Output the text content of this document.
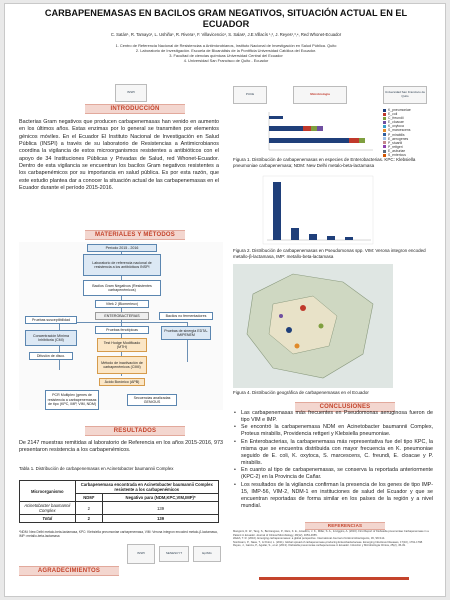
CARBAPENEMASAS EN BACILOS GRAM NEGATIVOS, SITUACIÓN ACTUAL EN EL ECUADOR
C. Satán¹, R. Tamayo¹, L. Ushiña¹, R. Rivera¹, F. Villavicencio¹, S. Salas¹, J.E.Villacís ¹,², J. Reyes¹,³,⁴, Red Whonet-Ecuador
1. Centro de Referencia Nacional de Resistencias a Antimicrobianos, Instituto Nacional de Investigación en Salud Pública. Quito
2. Laboratorio de Investigación. Escuela de Bioanálisis de la Pontificia Universidad Católica del Ecuador.
3. Facultad de ciencias químicas Universidad Central del Ecuador
4. Universidad San Francisco de Quito - Ecuador
INSPI
INTRODUCCIÓN
Bacterias Gram negativos que producen carbapenemasas han venido en aumento en los últimos años. Estas enzimas por lo general se transmiten por elementos génicos móviles. En el Ecuador El Instituto Nacional de Investigación en Salud Pública (INSPI) a través de su laboratorio de Resistencias a Antimicrobianos coordina la vigilancia de estos microorganismos resistentes a antibióticos con el apoyo de 34 Instituciones Públicas y Privadas de Salud, red Whonet-Ecuador. Dentro de esta vigilancia se encuentran los bacilos Gram negativos resistentes a los carbapenémicos por su importancia en salud pública. Es por esta razón, que este estudio plantea dar a conocer la situación actual de las carbapenemasas en el Ecuador durante el período 2015-2016.
MATERIALES Y MÉTODOS
Período 2015 - 2016
Laboratorio de referencia nacional de resistencia a los antibióticos INSPI
Bacilos Gram Negativos (Resistentes carbapenémicos)
Vitek 2 (Biomerieux)
ENTEROBACTERIAS	Bacilos no fermentadores
Pruebas susceptibilidad
Pruebas fenotípicas
Concentración Mínima Inhibitoria (CMI)
Test Hodge Modificado (MTH)
Pruebas de sinergia EDTA-IMIPENEM
Difusión de disco.
Método de inactivación de carbapenémicos (CIMI)
Ácido Borónico (APB)
PCR Multiplex (genes de resistencia a carbapenemasas de tipo (KPC, IMP, VIM, NDM)
Secuencias analizadas GENIOUS
RESULTADOS
De 2147 muestras remitidas al laboratorio de Referencia en los años 2015-2016, 973 presentaron resistencia a los carbapenémicos.
Tabla 1. Distribución de carbapenemasas en Acinetobacter baumannii Complex
Microorganismo	Carbapenemasa encontrada en Acinetobacter baumannii Complex resistente a los carbapenémicos	
	NDM*	Negativo para (NDM,KPC,VIM,IMP)*
Acinetobacter baumannii Complex	2	139
Total	2	139
*NDM: New Delhi metalo-beta-lactamasa, KPC: Klebsiella pneumoniae carbapenemasa, VIM: Verona integron encoded metalo-β-lactamasa, IMP: metallo-beta-lactamasa
AGRADECIMIENTOS
INSPI	SENESCYT	EpiSIG
PUCE	Microbiología	Universidad San Francisco de Quito
K_pneumoniae
E_coli
C_freundii
E_cloacae
K_oxytoca
S_marcescens
P_mirabilis
E_aerogenes
P_stuartii
P_rettgeri
E_asburiae
S_entericus
Figura 1. Distribución de carbapenemasas en especies de Enterobacterias. KPC: Klebsiella pneumoniae carbapenemasa; NDM: New Delhi metalo-beta-lactamasa
Figura 2. Distribución de carbapenemasas en Pseudomonas spp. VIM: Verona integron encoded metallo-β-lactamasa, IMP: metallo-beta-lactamasa
Figura 4. Distribución geográfica de carbapenemasas en el Ecuador
CONCLUSIONES
• Las carbapenemasas más frecuentes en Pseudomonas aeruginosa fueron de tipo VIM e IMP.
• Se encontró la carbapenemasa NDM en Acinetobacter baumannii Complex, Proteus mirabilis, Providencia rettgeri y Klebsiella pneumoniae.
• En Enterobacterias, la carbapenemasa más representativa fue del tipo KPC, la misma que se encuentra distribuida con mayor frecuencia en K. pneumoniae seguido de E. coli, K. oxytoca, S. marcescens, C. freundi, E. cloacae y P. mirabilis.
• En cuanto al tipo de carbapenemasas, se conserva la reportada anteriormente (KPC-2) en la Provincia de Cañar.
• Los resultados de la vigilancia confirman la presencia de los genes de tipo IMP-15, IMP-56, VIM-2, NDM-1 en instituciones de salud del Ecuador y que se encuentran reportadas de forma similar en los países de la región y a nivel mundial.
REFERENCIAS
Mangioni, R. W., Tang, S., Bertrangous, P., Ram, K. E., Anselbro, J. K., Miller, S. A., & Higgins, A. (2016). First Report of Klebsiella pneumoniae Carbapenemase in a Patient in Ecuador. Journal of Clinical Microbiology, 48(12), 4653-4655.
Walsh, T. R. (2010). Emerging carbapenemases: a global perspective. International Journal of Antimicrobial Agents, 36, S8-S14.
Nordmann, P., Naas, T., & Poirel, L. (2011). Global spread of carbapenemase-producing Enterobacteriaceae. Emerging Infectious Diseases, 17(10), 1791-1798.
Reyes, J., García, P., Aguilar, S., et al. (2013). Klebsiella pneumoniae carbapenemase in Ecuador. Infección y Microbiología Clínica, 25(2), 45-49.
